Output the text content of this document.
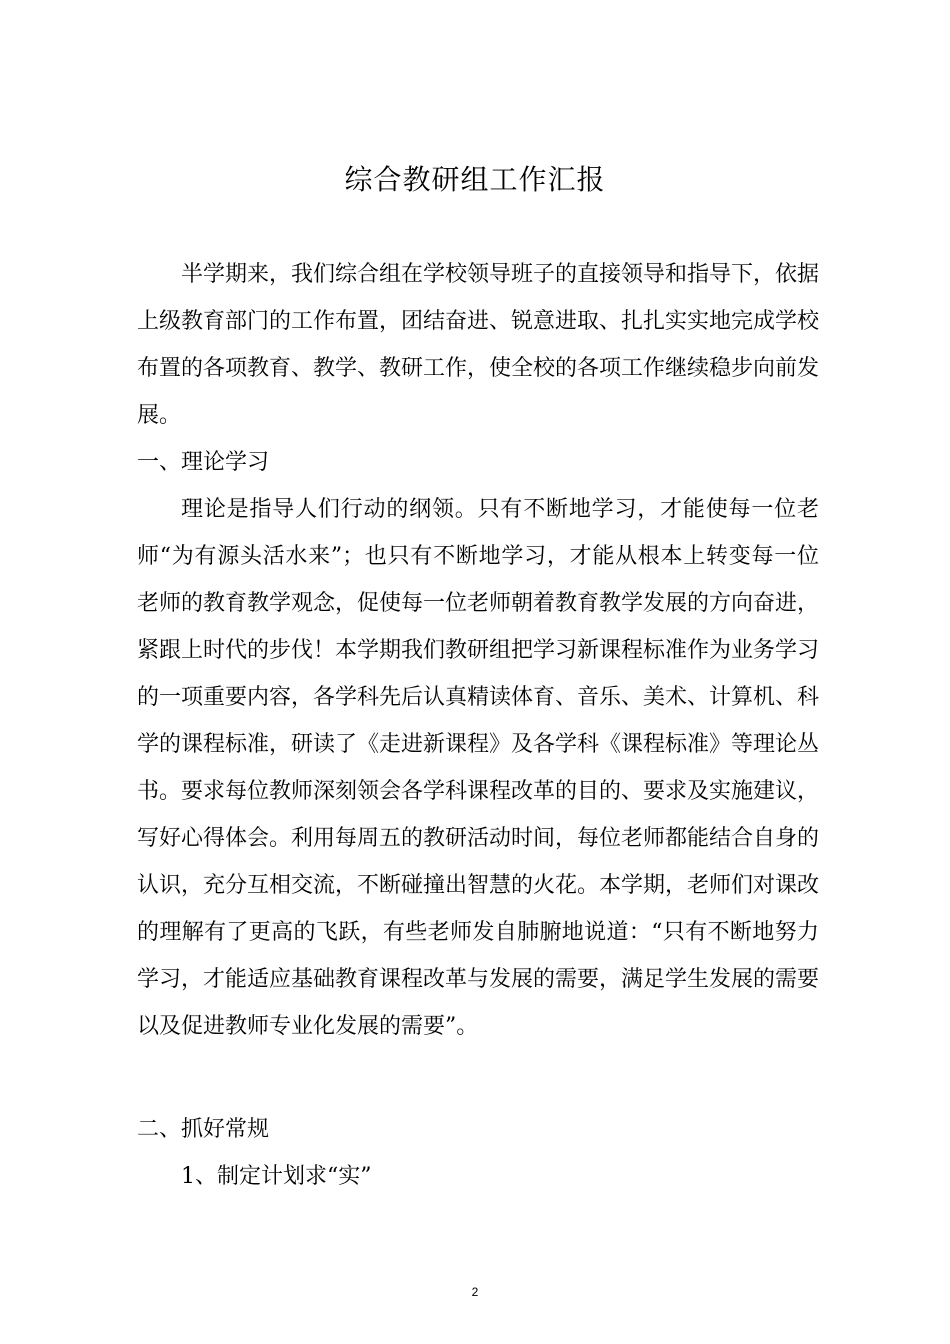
综合教研组工作汇报

半学期来，我们综合组在学校领导班子的直接领导和指导下，依据上级教育部门的工作布置，团结奋进、锐意进取、扎扎实实地完成学校布置的各项教育、教学、教研工作，使全校的各项工作继续稳步向前发展。

一、理论学习

理论是指导人们行动的纲领。只有不断地学习，才能使每一位老师“为有源头活水来”；也只有不断地学习，才能从根本上转变每一位老师的教育教学观念，促使每一位老师朝着教育教学发展的方向奋进，紧跟上时代的步伐！本学期我们教研组把学习新课程标准作为业务学习的一项重要内容，各学科先后认真精读体育、音乐、美术、计算机、科学的课程标准，研读了《走进新课程》及各学科《课程标准》等理论丛书。要求每位教师深刻领会各学科课程改革的目的、要求及实施建议，写好心得体会。利用每周五的教研活动时间，每位老师都能结合自身的认识，充分互相交流，不断碰撞出智慧的火花。本学期，老师们对课改的理解有了更高的飞跃，有些老师发自肺腑地说道：“只有不断地努力学习，才能适应基础教育课程改革与发展的需要，满足学生发展的需要以及促进教师专业化发展的需要”。

二、抓好常规

1、制定计划求“实”

2
